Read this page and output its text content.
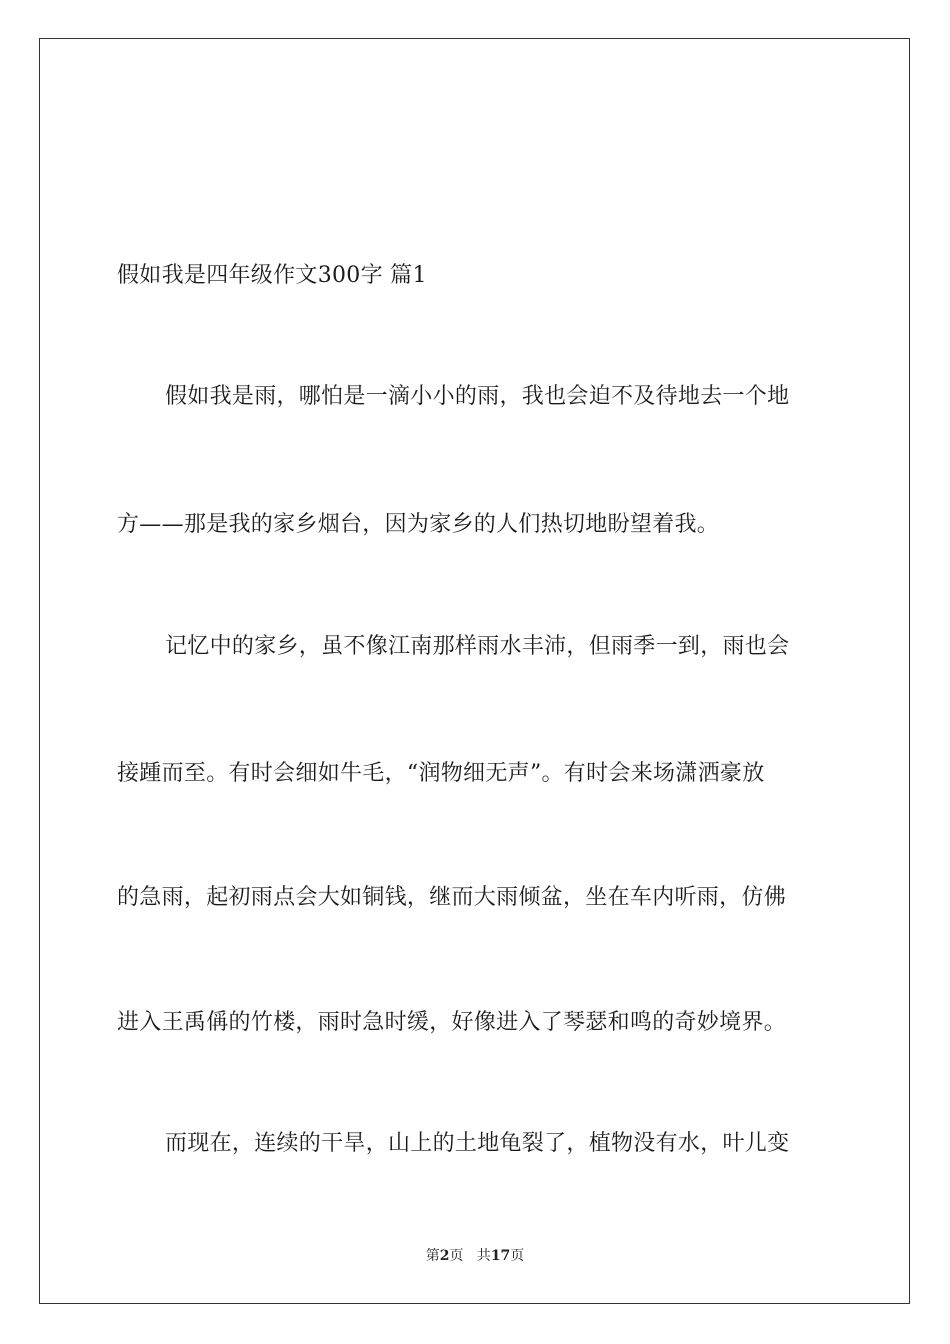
假如我是四年级作文300字 篇1
假如我是雨，哪怕是一滴小小的雨，我也会迫不及待地去一个地
方——那是我的家乡烟台，因为家乡的人们热切地盼望着我。
记忆中的家乡，虽不像江南那样雨水丰沛，但雨季一到，雨也会
接踵而至。有时会细如牛毛，“润物细无声”。有时会来场潇洒豪放
的急雨，起初雨点会大如铜钱，继而大雨倾盆，坐在车内听雨，仿佛
进入王禹偁的竹楼，雨时急时缓，好像进入了琴瑟和鸣的奇妙境界。
而现在，连续的干旱，山上的土地龟裂了，植物没有水，叶儿变
第2页   共17页
